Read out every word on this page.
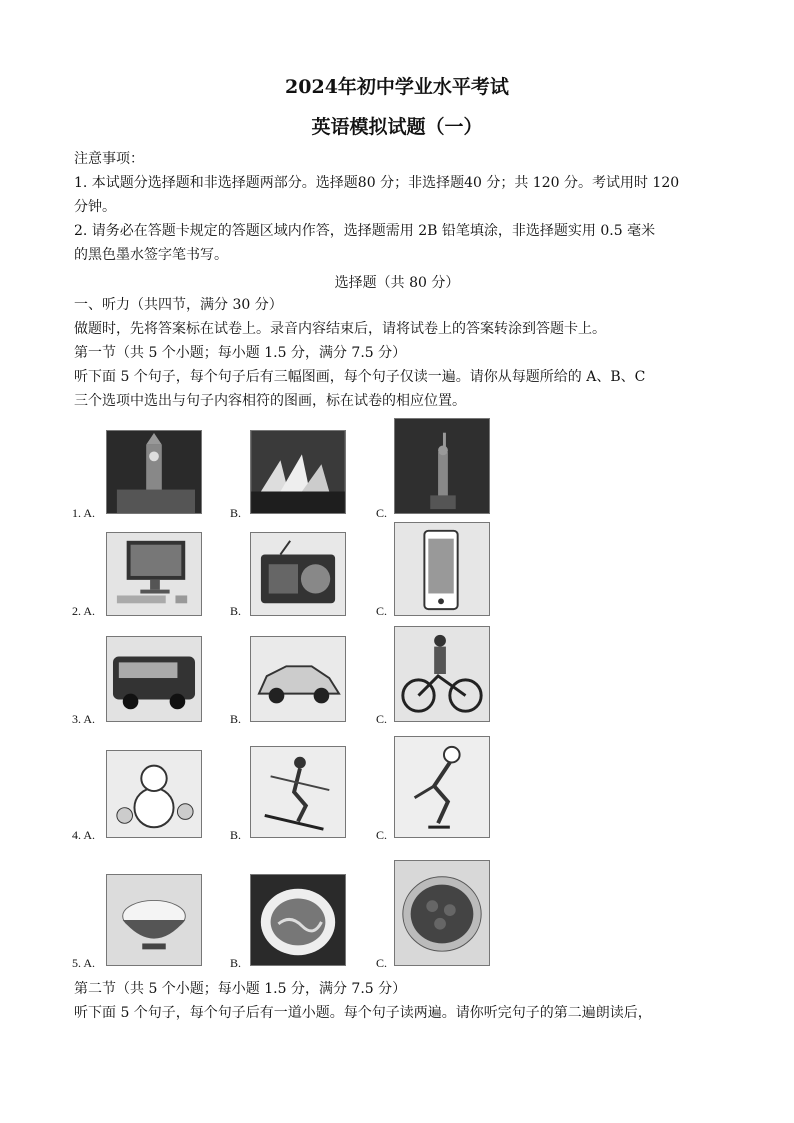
2024年初中学业水平考试
英语模拟试题（一）
注意事项：
1. 本试题分选择题和非选择题两部分。选择题80 分；非选择题40 分；共 120 分。考试用时 120
分钟。
2. 请务必在答题卡规定的答题区域内作答，选择题需用 2B 铅笔填涂，非选择题实用 0.5 毫米
的黑色墨水签字笔书写。
选择题（共 80 分）
一、听力（共四节，满分 30 分）
做题时，先将答案标在试卷上。录音内容结束后，请将试卷上的答案转涂到答题卡上。
第一节（共 5 个小题；每小题 1.5 分，满分 7.5 分）
听下面 5 个句子，每个句子后有三幅图画，每个句子仅读一遍。请你从每题所给的 A、B、C
三个选项中选出与句子内容相符的图画，标在试卷的相应位置。
1. A.	B.	C.
2. A.	B.	C.
3. A.	B.	C.
4. A.	B.	C.
5. A.	B.	C.
第二节（共 5 个小题；每小题 1.5 分，满分 7.5 分）
听下面 5 个句子，每个句子后有一道小题。每个句子读两遍。请你听完句子的第二遍朗读后，
